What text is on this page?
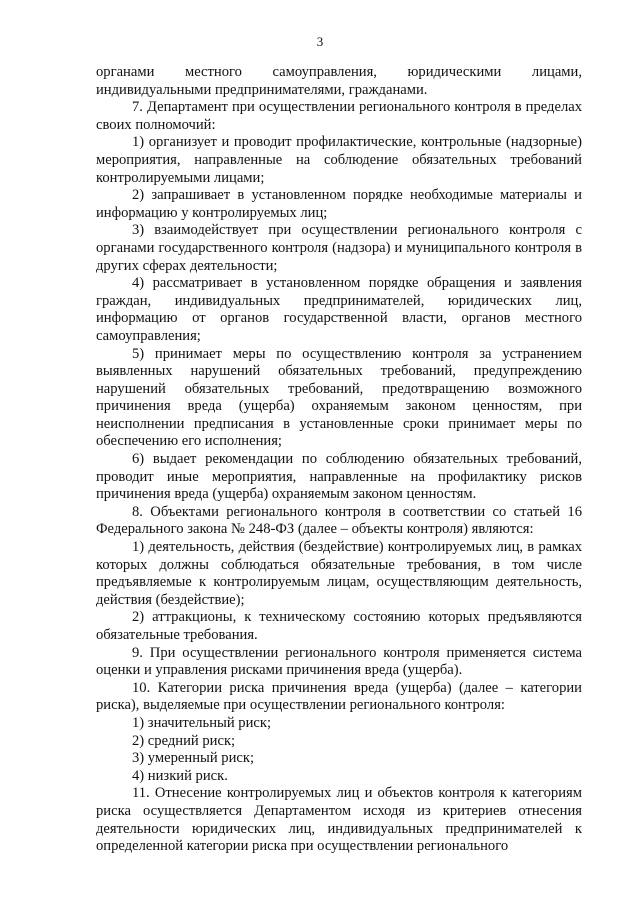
3

органами местного самоуправления, юридическими лицами, индивидуальными предпринимателями, гражданами.

7. Департамент при осуществлении регионального контроля в пределах своих полномочий:

1) организует и проводит профилактические, контрольные (надзорные) мероприятия, направленные на соблюдение обязательных требований контролируемыми лицами;

2) запрашивает в установленном порядке необходимые материалы и информацию у контролируемых лиц;

3) взаимодействует при осуществлении регионального контроля с органами государственного контроля (надзора) и муниципального контроля в других сферах деятельности;

4) рассматривает в установленном порядке обращения и заявления граждан, индивидуальных предпринимателей, юридических лиц, информацию от органов государственной власти, органов местного самоуправления;

5) принимает меры по осуществлению контроля за устранением выявленных нарушений обязательных требований, предупреждению нарушений обязательных требований, предотвращению возможного причинения вреда (ущерба) охраняемым законом ценностям, при неисполнении предписания в установленные сроки принимает меры по обеспечению его исполнения;

6) выдает рекомендации по соблюдению обязательных требований, проводит иные мероприятия, направленные на профилактику рисков причинения вреда (ущерба) охраняемым законом ценностям.

8. Объектами регионального контроля в соответствии со статьей 16 Федерального закона № 248-ФЗ (далее – объекты контроля) являются:

1) деятельность, действия (бездействие) контролируемых лиц, в рамках которых должны соблюдаться обязательные требования, в том числе предъявляемые к контролируемым лицам, осуществляющим деятельность, действия (бездействие);

2) аттракционы, к техническому состоянию которых предъявляются обязательные требования.

9. При осуществлении регионального контроля применяется система оценки и управления рисками причинения вреда (ущерба).

10. Категории риска причинения вреда (ущерба) (далее – категории риска), выделяемые при осуществлении регионального контроля:

1) значительный риск;

2) средний риск;

3) умеренный риск;

4) низкий риск.

11. Отнесение контролируемых лиц и объектов контроля к категориям риска осуществляется Департаментом исходя из критериев отнесения деятельности юридических лиц, индивидуальных предпринимателей к определенной категории риска при осуществлении регионального
